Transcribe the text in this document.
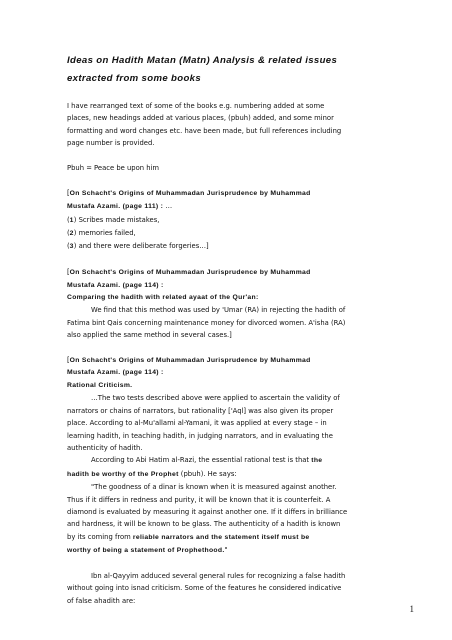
Ideas on Hadith Matan (Matn) Analysis & related issues
extracted from some books
I have rearranged text of some of the books e.g. numbering added at some
places, new headings added at various places, (pbuh) added, and some minor
formatting and word changes etc. have been made, but full references including
page number is provided.

Pbuh = Peace be upon him

[On Schacht's Origins of Muhammadan Jurisprudence by Muhammad
Mustafa Azami. (page 111) : …
(1) Scribes made mistakes,
(2) memories failed,
(3) and there were deliberate forgeries…]
[On Schacht's Origins of Muhammadan Jurisprudence by Muhammad
Mustafa Azami. (page 114) :
Comparing the hadith with related ayaat of the Qur'an:
We find that this method was used by 'Umar (RA) in rejecting the hadith of
Fatima bint Qais concerning maintenance money for divorced women. A'isha (RA)
also applied the same method in several cases.]
[On Schacht's Origins of Muhammadan Jurisprudence by Muhammad
Mustafa Azami. (page 114) :
Rational Criticism.
…The two tests described above were applied to ascertain the validity of
narrators or chains of narrators, but rationality ['Aql] was also given its proper
place. According to al-Mu'allami al-Yamani, it was applied at every stage – in
learning hadith, in teaching hadith, in judging narrators, and in evaluating the
authenticity of hadith.
According to Abi Hatim al-Razi, the essential rational test is that the
hadith be worthy of the Prophet (pbuh). He says:
"The goodness of a dinar is known when it is measured against another.
Thus if it differs in redness and purity, it will be known that it is counterfeit. A
diamond is evaluated by measuring it against another one. If it differs in brilliance
and hardness, it will be known to be glass. The authenticity of a hadith is known
by its coming from reliable narrators and the statement itself must be
worthy of being a statement of Prophethood."
Ibn al-Qayyim adduced several general rules for recognizing a false hadith
without going into isnad criticism. Some of the features he considered indicative
of false ahadith are:
1
